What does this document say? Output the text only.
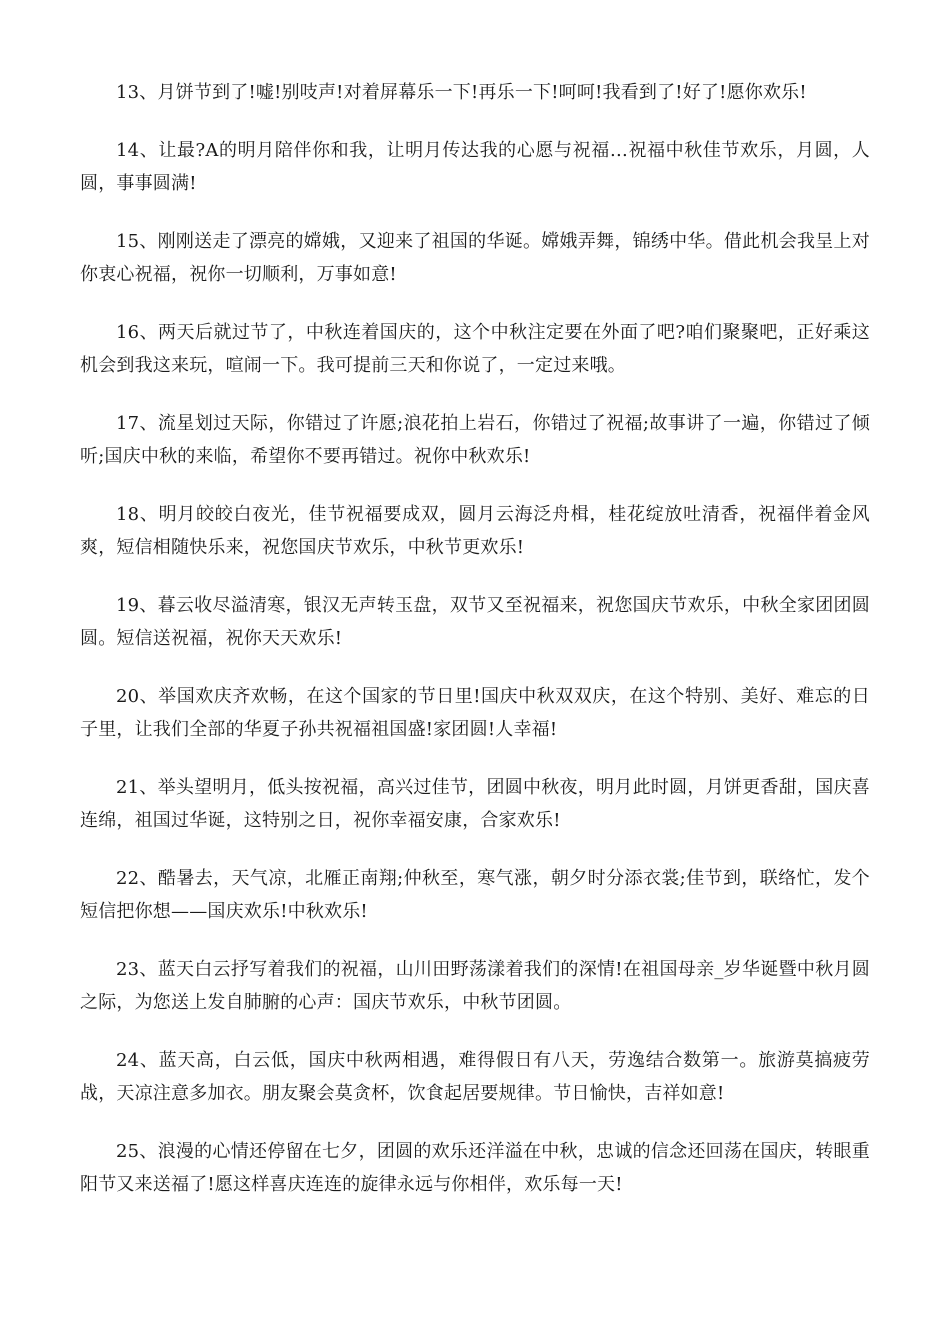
13、月饼节到了!嘘!别吱声!对着屏幕乐一下!再乐一下!呵呵!我看到了!好了!愿你欢乐!

14、让最?A的明月陪伴你和我，让明月传达我的心愿与祝福…祝福中秋佳节欢乐，月圆，人圆，事事圆满!

15、刚刚送走了漂亮的嫦娥，又迎来了祖国的华诞。嫦娥弄舞，锦绣中华。借此机会我呈上对你衷心祝福，祝你一切顺利，万事如意!

16、两天后就过节了，中秋连着国庆的，这个中秋注定要在外面了吧?咱们聚聚吧，正好乘这机会到我这来玩，喧闹一下。我可提前三天和你说了，一定过来哦。

17、流星划过天际，你错过了许愿;浪花拍上岩石，你错过了祝福;故事讲了一遍，你错过了倾听;国庆中秋的来临，希望你不要再错过。祝你中秋欢乐!

18、明月皎皎白夜光，佳节祝福要成双，圆月云海泛舟楫，桂花绽放吐清香，祝福伴着金风爽，短信相随快乐来，祝您国庆节欢乐，中秋节更欢乐!

19、暮云收尽溢清寒，银汉无声转玉盘，双节又至祝福来，祝您国庆节欢乐，中秋全家团团圆圆。短信送祝福，祝你天天欢乐!

20、举国欢庆齐欢畅，在这个国家的节日里!国庆中秋双双庆，在这个特别、美好、难忘的日子里，让我们全部的华夏子孙共祝福祖国盛!家团圆!人幸福!

21、举头望明月，低头按祝福，高兴过佳节，团圆中秋夜，明月此时圆，月饼更香甜，国庆喜连绵，祖国过华诞，这特别之日，祝你幸福安康，合家欢乐!

22、酷暑去，天气凉，北雁正南翔;仲秋至，寒气涨，朝夕时分添衣裳;佳节到，联络忙，发个短信把你想——国庆欢乐!中秋欢乐!

23、蓝天白云抒写着我们的祝福，山川田野荡漾着我们的深情!在祖国母亲_岁华诞暨中秋月圆之际，为您送上发自肺腑的心声：国庆节欢乐，中秋节团圆。

24、蓝天高，白云低，国庆中秋两相遇，难得假日有八天，劳逸结合数第一。旅游莫搞疲劳战，天凉注意多加衣。朋友聚会莫贪杯，饮食起居要规律。节日愉快，吉祥如意!

25、浪漫的心情还停留在七夕，团圆的欢乐还洋溢在中秋，忠诚的信念还回荡在国庆，转眼重阳节又来送福了!愿这样喜庆连连的旋律永远与你相伴，欢乐每一天!
